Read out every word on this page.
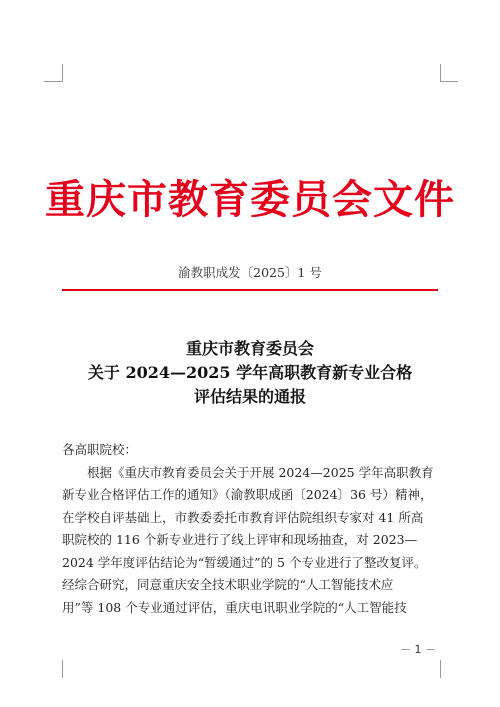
重庆市教育委员会文件
渝教职成发〔2025〕1 号
重庆市教育委员会
关于 2024—2025 学年高职教育新专业合格
评估结果的通报
各高职院校：
根据《重庆市教育委员会关于开展 2024—2025 学年高职教育
新专业合格评估工作的通知》（渝教职成函〔2024〕36 号）精神，
在学校自评基础上，市教委委托市教育评估院组织专家对 41 所高
职院校的 116 个新专业进行了线上评审和现场抽查，对 2023—
2024 学年度评估结论为“暂缓通过”的 5 个专业进行了整改复评。
经综合研究，同意重庆安全技术职业学院的“人工智能技术应
用”等 108 个专业通过评估，重庆电讯职业学院的“人工智能技
－ 1 －
